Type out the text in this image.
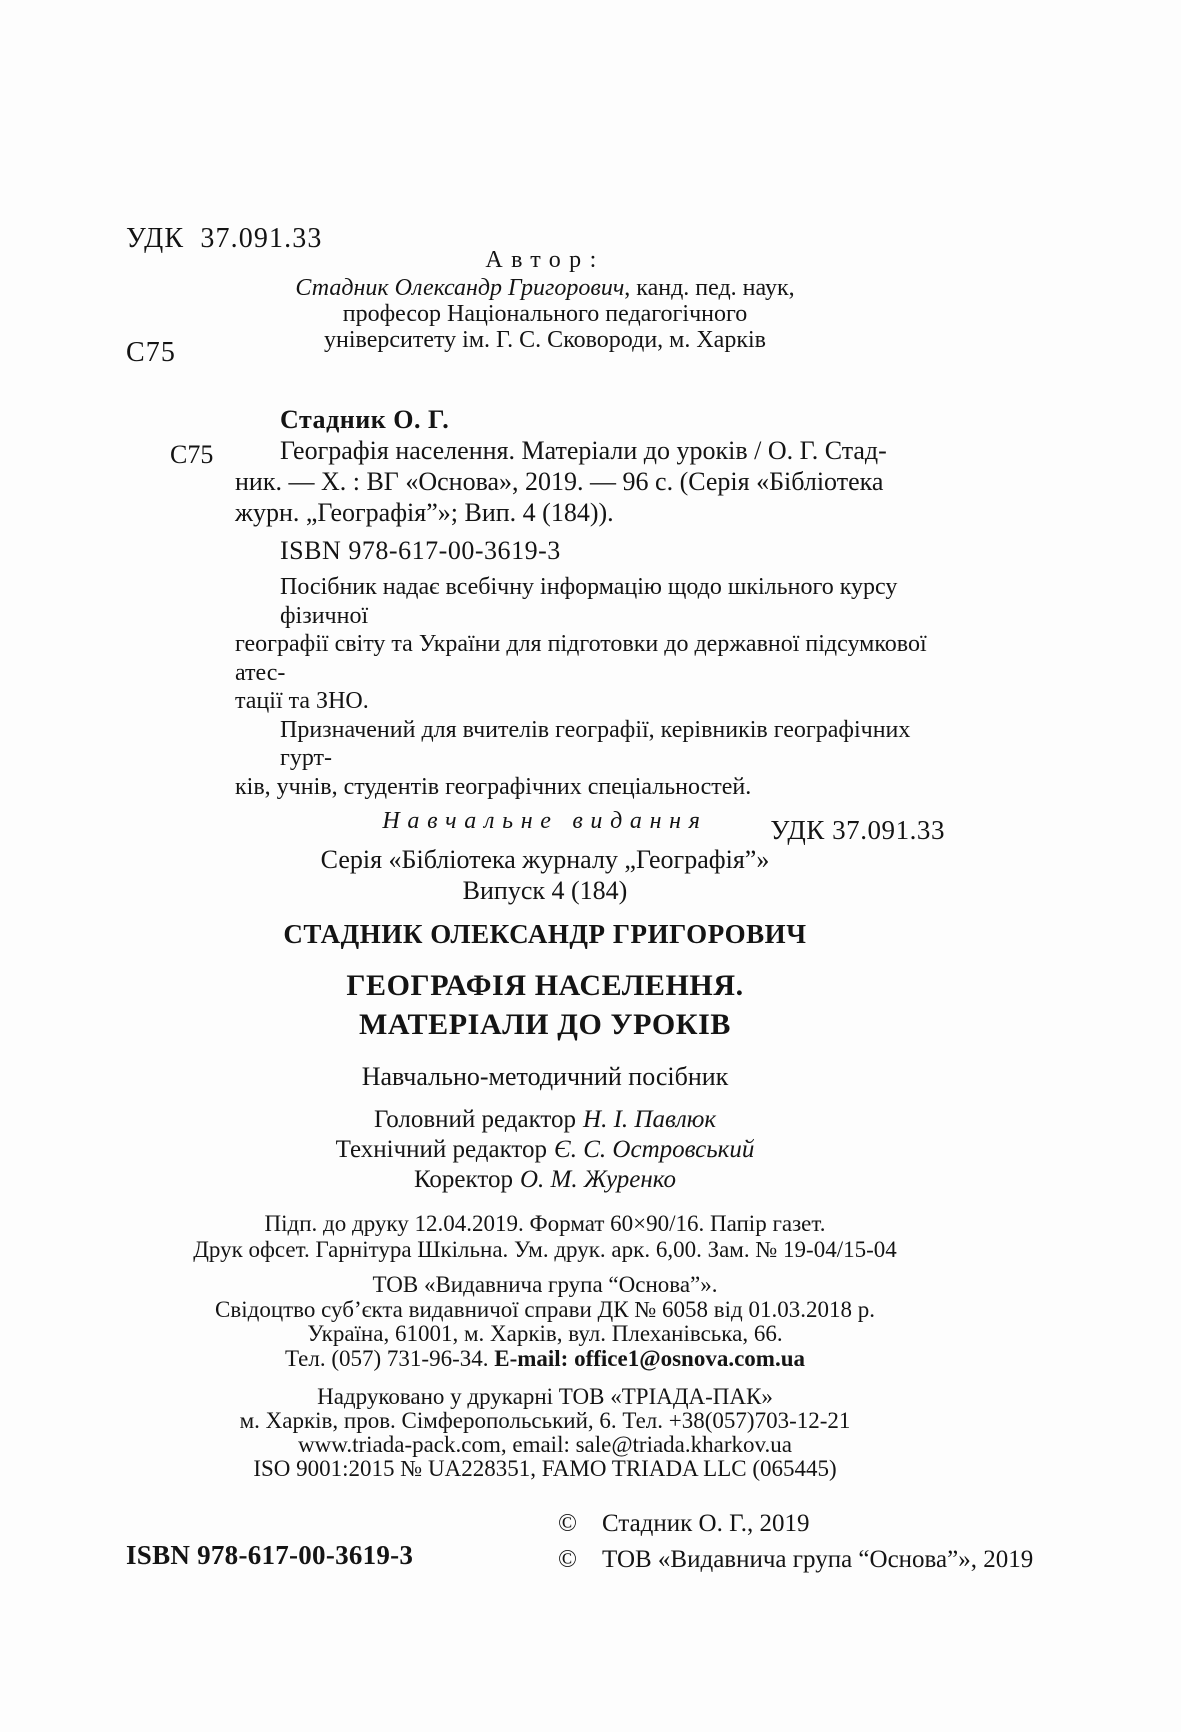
УДК  37.091.33

С75

Автор:
Стадник Олександр Григорович, канд. пед. наук,
професор Національного педагогічного
університету ім. Г. С. Сковороди, м. Харків
Стадник О. Г.
С75	Географія населення. Матеріали до уроків / О. Г. Стад-
ник. — Х. : ВГ «Основа», 2019. — 96 с. (Серія «Бібліотека
журн. „Географія”»; Вип. 4 (184)).
ISBN 978-617-00-3619-3
Посібник надає всебічну інформацію щодо шкільного курсу фізичної
географії світу та України для підготовки до державної підсумкової атес-
тації та ЗНО.
Призначений для вчителів географії, керівників географічних гурт-
ків, учнів, студентів географічних спеціальностей.
УДК 37.091.33
Навчальне видання
Серія «Бібліотека журналу „Географія”»
Випуск 4 (184)
СТАДНИК ОЛЕКСАНДР ГРИГОРОВИЧ
ГЕОГРАФІЯ НАСЕЛЕННЯ.
МАТЕРІАЛИ ДО УРОКІВ
Навчально-методичний посібник
Головний редактор Н. І. Павлюк
Технічний редактор Є. С. Островський
Коректор О. М. Журенко
Підп. до друку 12.04.2019. Формат 60×90/16. Папір газет.
Друк офсет. Гарнітура Шкільна. Ум. друк. арк. 6,00. Зам. № 19-04/15-04
ТОВ «Видавнича група “Основа”».
Свідоцтво суб’єкта видавничої справи ДК № 6058 від 01.03.2018 р.
Україна, 61001, м. Харків, вул. Плеханівська, 66.
Тел. (057) 731-96-34. E-mail: office1@osnova.com.ua
Надруковано у друкарні ТОВ «ТРІАДА-ПАК»
м. Харків, пров. Сімферопольський, 6. Тел. +38(057)703-12-21
www.triada-pack.com, email: sale@triada.kharkov.ua
ISO 9001:2015 № UA228351, FAMO TRIADA LLC (065445)
ISBN 978-617-00-3619-3
©	Стадник О. Г., 2019
©	ТОВ «Видавнича група “Основа”», 2019
